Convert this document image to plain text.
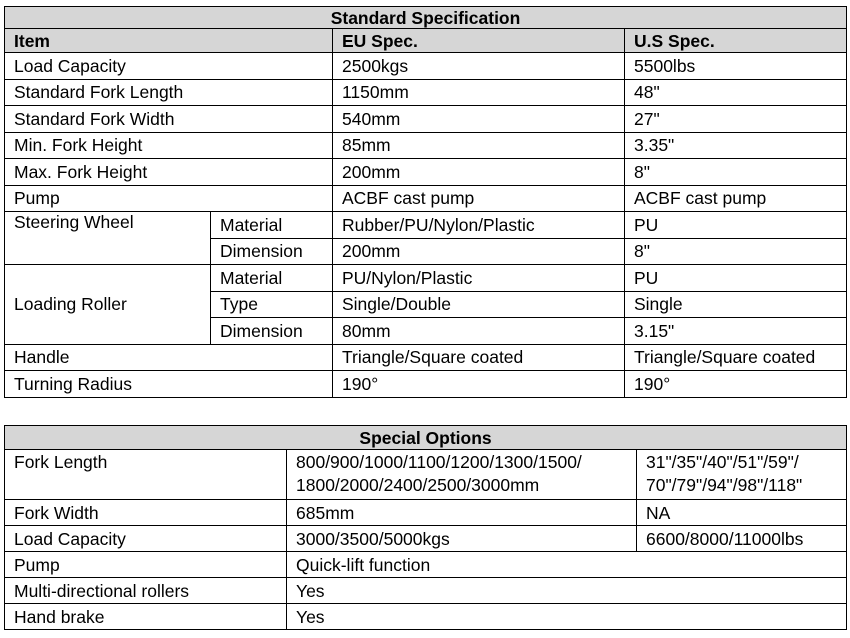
Standard Specification			
Item		EU Spec.	U.S Spec.
Load Capacity		2500kgs	5500lbs
Standard Fork Length		1150mm	48"
Standard Fork Width		540mm	27"
Min. Fork Height		85mm	3.35"
Max. Fork Height		200mm	8"
Pump		ACBF cast pump	ACBF cast pump
Steering Wheel	Material	Rubber/PU/Nylon/Plastic	PU
	Dimension	200mm	8"
Loading Roller	Material	PU/Nylon/Plastic	PU
	Type	Single/Double	Single
	Dimension	80mm	3.15"
Handle		Triangle/Square coated	Triangle/Square coated
Turning Radius		190°	190°
Special Options		
Fork Length	800/900/1000/1100/1200/1300/1500/ 1800/2000/2400/2500/3000mm	31"/35"/40"/51"/59"/ 70"/79"/94"/98"/118"
Fork Width	685mm	NA
Load Capacity	3000/3500/5000kgs	6600/8000/11000lbs
Pump	Quick-lift function	
Multi-directional rollers	Yes	
Hand brake	Yes	
